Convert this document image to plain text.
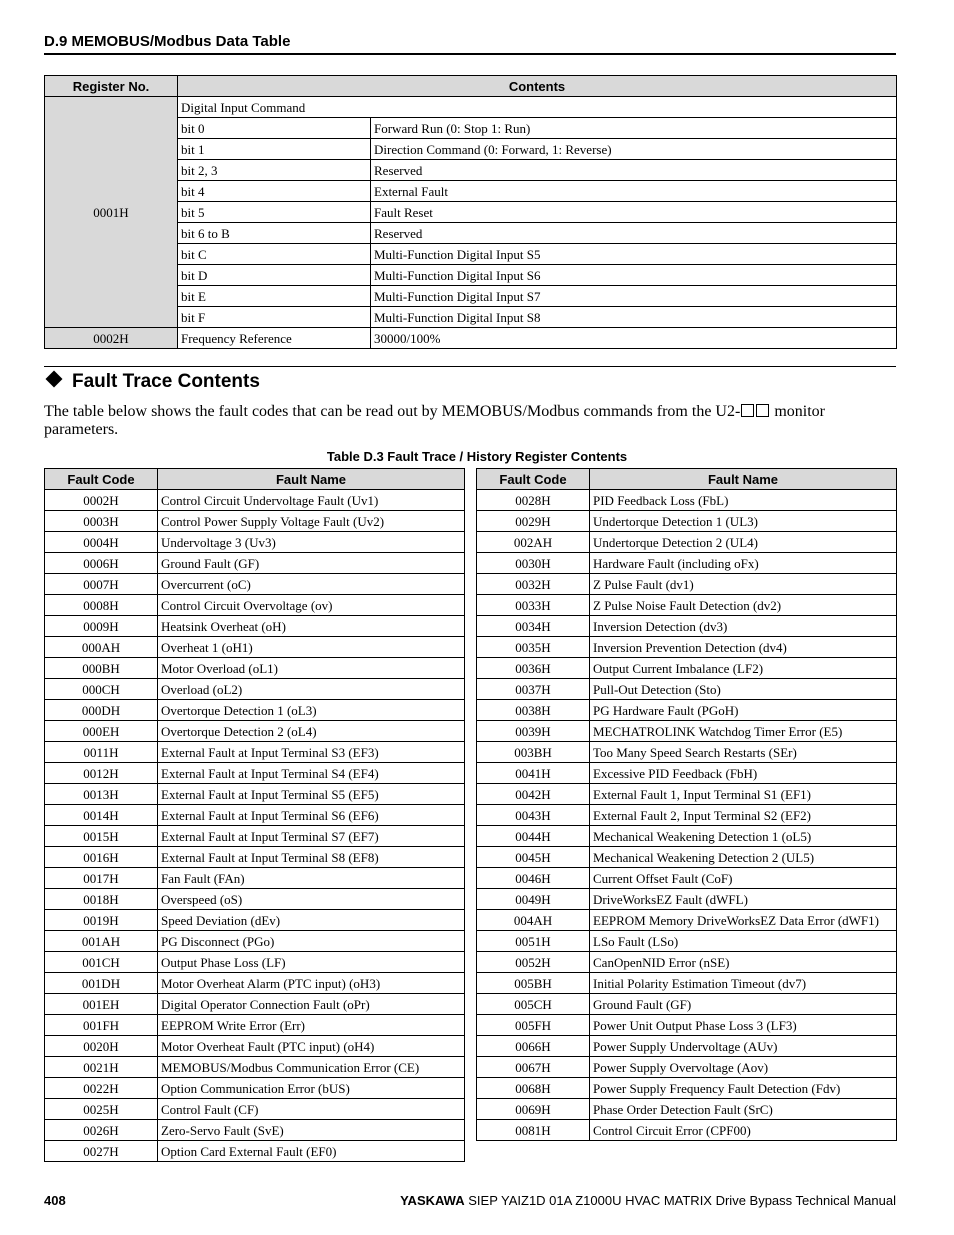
D.9 MEMOBUS/Modbus Data Table
Register No.	Contents	
0001H	Digital Input Command	
	bit 0	Forward Run (0: Stop 1: Run)
	bit 1	Direction Command (0: Forward, 1: Reverse)
	bit 2, 3	Reserved
	bit 4	External Fault
	bit 5	Fault Reset
	bit 6 to B	Reserved
	bit C	Multi-Function Digital Input S5
	bit D	Multi-Function Digital Input S6
	bit E	Multi-Function Digital Input S7
	bit F	Multi-Function Digital Input S8
0002H	Frequency Reference	30000/100%
Fault Trace Contents
The table below shows the fault codes that can be read out by MEMOBUS/Modbus commands from the U2- monitor parameters.
Table D.3 Fault Trace / History Register Contents
Fault Code	Fault Name
0002H	Control Circuit Undervoltage Fault (Uv1)
0003H	Control Power Supply Voltage Fault (Uv2)
0004H	Undervoltage 3 (Uv3)
0006H	Ground Fault (GF)
0007H	Overcurrent (oC)
0008H	Control Circuit Overvoltage (ov)
0009H	Heatsink Overheat (oH)
000AH	Overheat 1 (oH1)
000BH	Motor Overload (oL1)
000CH	Overload (oL2)
000DH	Overtorque Detection 1 (oL3)
000EH	Overtorque Detection 2 (oL4)
0011H	External Fault at Input Terminal S3 (EF3)
0012H	External Fault at Input Terminal S4 (EF4)
0013H	External Fault at Input Terminal S5 (EF5)
0014H	External Fault at Input Terminal S6 (EF6)
0015H	External Fault at Input Terminal S7 (EF7)
0016H	External Fault at Input Terminal S8 (EF8)
0017H	Fan Fault (FAn)
0018H	Overspeed (oS)
0019H	Speed Deviation (dEv)
001AH	PG Disconnect (PGo)
001CH	Output Phase Loss (LF)
001DH	Motor Overheat Alarm (PTC input) (oH3)
001EH	Digital Operator Connection Fault (oPr)
001FH	EEPROM Write Error (Err)
0020H	Motor Overheat Fault (PTC input) (oH4)
0021H	MEMOBUS/Modbus Communication Error (CE)
0022H	Option Communication Error (bUS)
0025H	Control Fault (CF)
0026H	Zero-Servo Fault (SvE)
0027H	Option Card External Fault (EF0)
Fault Code	Fault Name
0028H	PID Feedback Loss (FbL)
0029H	Undertorque Detection 1 (UL3)
002AH	Undertorque Detection 2 (UL4)
0030H	Hardware Fault (including oFx)
0032H	Z Pulse Fault (dv1)
0033H	Z Pulse Noise Fault Detection (dv2)
0034H	Inversion Detection (dv3)
0035H	Inversion Prevention Detection (dv4)
0036H	Output Current Imbalance (LF2)
0037H	Pull-Out Detection (Sto)
0038H	PG Hardware Fault (PGoH)
0039H	MECHATROLINK Watchdog Timer Error (E5)
003BH	Too Many Speed Search Restarts (SEr)
0041H	Excessive PID Feedback (FbH)
0042H	External Fault 1, Input Terminal S1 (EF1)
0043H	External Fault 2, Input Terminal S2 (EF2)
0044H	Mechanical Weakening Detection 1 (oL5)
0045H	Mechanical Weakening Detection 2 (UL5)
0046H	Current Offset Fault (CoF)
0049H	DriveWorksEZ Fault (dWFL)
004AH	EEPROM Memory DriveWorksEZ Data Error (dWF1)
0051H	LSo Fault (LSo)
0052H	CanOpenNID Error (nSE)
005BH	Initial Polarity Estimation Timeout (dv7)
005CH	Ground Fault (GF)
005FH	Power Unit Output Phase Loss 3 (LF3)
0066H	Power Supply Undervoltage (AUv)
0067H	Power Supply Overvoltage (Aov)
0068H	Power Supply Frequency Fault Detection (Fdv)
0069H	Phase Order Detection Fault (SrC)
0081H	Control Circuit Error (CPF00)
408	YASKAWA SIEP YAIZ1D 01A Z1000U HVAC MATRIX Drive Bypass Technical Manual
